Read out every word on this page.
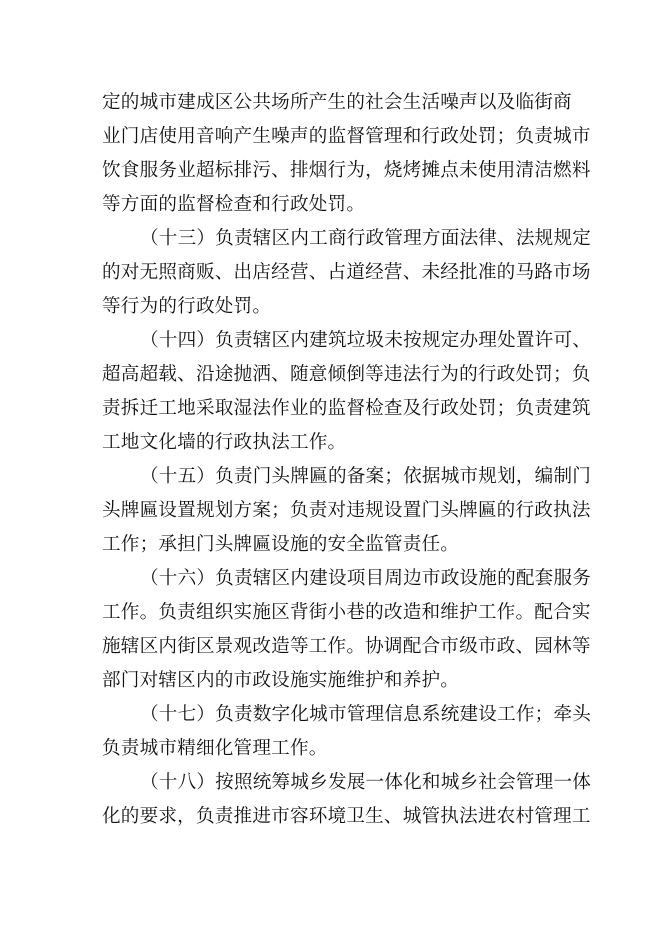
定的城市建成区公共场所产生的社会生活噪声以及临街商
业门店使用音响产生噪声的监督管理和行政处罚；负责城市
饮食服务业超标排污、排烟行为，烧烤摊点未使用清洁燃料
等方面的监督检查和行政处罚。
（十三）负责辖区内工商行政管理方面法律、法规规定
的对无照商贩、出店经营、占道经营、未经批准的马路市场
等行为的行政处罚。
（十四）负责辖区内建筑垃圾未按规定办理处置许可、
超高超载、沿途抛洒、随意倾倒等违法行为的行政处罚；负
责拆迁工地采取湿法作业的监督检查及行政处罚；负责建筑
工地文化墙的行政执法工作。
（十五）负责门头牌匾的备案；依据城市规划，编制门
头牌匾设置规划方案；负责对违规设置门头牌匾的行政执法
工作；承担门头牌匾设施的安全监管责任。
（十六）负责辖区内建设项目周边市政设施的配套服务
工作。负责组织实施区背街小巷的改造和维护工作。配合实
施辖区内街区景观改造等工作。协调配合市级市政、园林等
部门对辖区内的市政设施实施维护和养护。
（十七）负责数字化城市管理信息系统建设工作；牵头
负责城市精细化管理工作。
（十八）按照统筹城乡发展一体化和城乡社会管理一体
化的要求，负责推进市容环境卫生、城管执法进农村管理工
